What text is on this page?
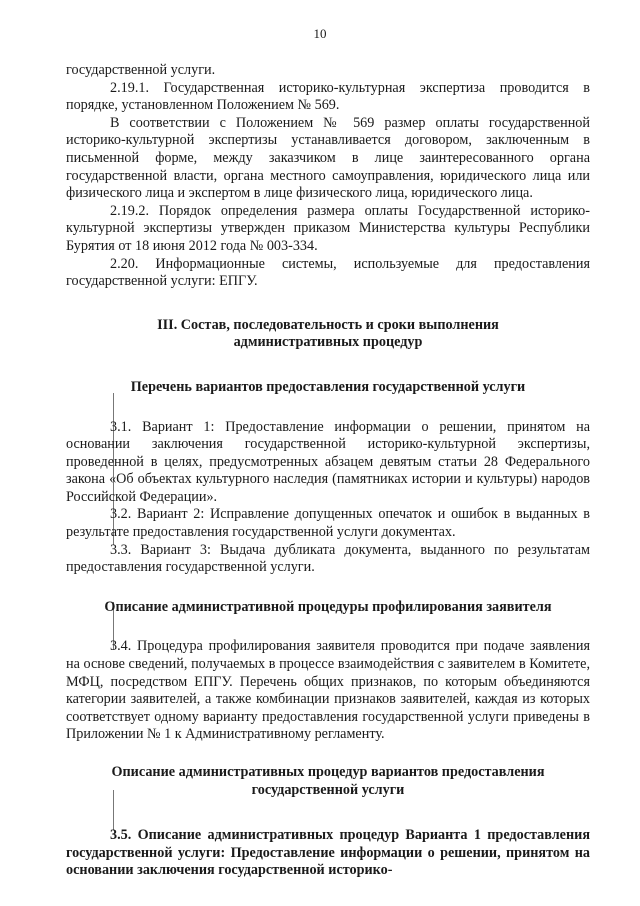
10

государственной услуги.

2.19.1. Государственная историко-культурная экспертиза проводится в порядке, установленном Положением № 569.

В соответствии с Положением № 569 размер оплаты государственной историко-культурной экспертизы устанавливается договором, заключенным в письменной форме, между заказчиком в лице заинтересованного органа государственной власти, органа местного самоуправления, юридического лица или физического лица и экспертом в лице физического лица, юридического лица.

2.19.2. Порядок определения размера оплаты Государственной историко-культурной экспертизы утвержден приказом Министерства культуры Республики Бурятия от 18 июня 2012 года № 003-334.

2.20. Информационные системы, используемые для предоставления государственной услуги: ЕПГУ.

III. Состав, последовательность и сроки выполнения административных процедур

Перечень вариантов предоставления государственной услуги

3.1. Вариант 1: Предоставление информации о решении, принятом на основании заключения государственной историко-культурной экспертизы, проведенной в целях, предусмотренных абзацем девятым статьи 28 Федерального закона «Об объектах культурного наследия (памятниках истории и культуры) народов Российской Федерации».

3.2. Вариант 2: Исправление допущенных опечаток и ошибок в выданных в результате предоставления государственной услуги документах.

3.3. Вариант 3: Выдача дубликата документа, выданного по результатам предоставления государственной услуги.

Описание административной процедуры профилирования заявителя

3.4. Процедура профилирования заявителя проводится при подаче заявления на основе сведений, получаемых в процессе взаимодействия с заявителем в Комитете, МФЦ, посредством ЕПГУ. Перечень общих признаков, по которым объединяются категории заявителей, а также комбинации признаков заявителей, каждая из которых соответствует одному варианту предоставления государственной услуги приведены в Приложении № 1 к Административному регламенту.

Описание административных процедур вариантов предоставления государственной услуги

3.5. Описание административных процедур Варианта 1 предоставления государственной услуги: Предоставление информации о решении, принятом на основании заключения государственной историко-
